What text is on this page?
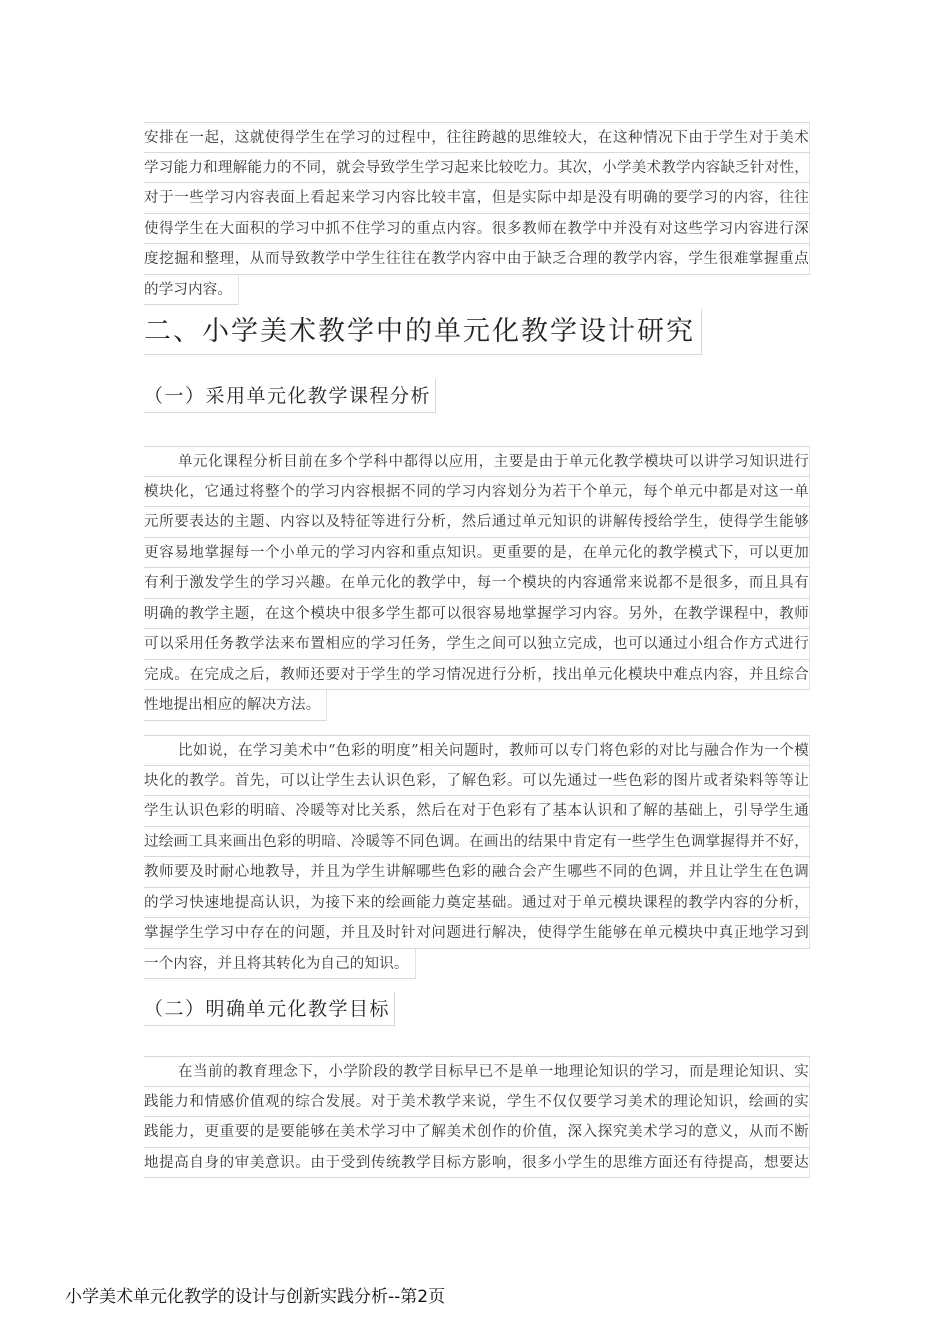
安排在一起，这就使得学生在学习的过程中，往往跨越的思维较大，在这种情况下由于学生对于美术
学习能力和理解能力的不同，就会导致学生学习起来比较吃力。其次，小学美术教学内容缺乏针对性，
对于一些学习内容表面上看起来学习内容比较丰富，但是实际中却是没有明确的要学习的内容，往往
使得学生在大面积的学习中抓不住学习的重点内容。很多教师在教学中并没有对这些学习内容进行深
度挖掘和整理，从而导致教学中学生往往在教学内容中由于缺乏合理的教学内容，学生很难掌握重点
的学习内容。
二、小学美术教学中的单元化教学设计研究
（一）采用单元化教学课程分析
单元化课程分析目前在多个学科中都得以应用，主要是由于单元化教学模块可以讲学习知识进行
模块化，它通过将整个的学习内容根据不同的学习内容划分为若干个单元，每个单元中都是对这一单
元所要表达的主题、内容以及特征等进行分析，然后通过单元知识的讲解传授给学生，使得学生能够
更容易地掌握每一个小单元的学习内容和重点知识。更重要的是，在单元化的教学模式下，可以更加
有利于激发学生的学习兴趣。在单元化的教学中，每一个模块的内容通常来说都不是很多，而且具有
明确的教学主题，在这个模块中很多学生都可以很容易地掌握学习内容。另外，在教学课程中，教师
可以采用任务教学法来布置相应的学习任务，学生之间可以独立完成，也可以通过小组合作方式进行
完成。在完成之后，教师还要对于学生的学习情况进行分析，找出单元化模块中难点内容，并且综合
性地提出相应的解决方法。
比如说，在学习美术中“色彩的明度”相关问题时，教师可以专门将色彩的对比与融合作为一个模
块化的教学。首先，可以让学生去认识色彩，了解色彩。可以先通过一些色彩的图片或者染料等等让
学生认识色彩的明暗、冷暖等对比关系，然后在对于色彩有了基本认识和了解的基础上，引导学生通
过绘画工具来画出色彩的明暗、冷暖等不同色调。在画出的结果中肯定有一些学生色调掌握得并不好，
教师要及时耐心地教导，并且为学生讲解哪些色彩的融合会产生哪些不同的色调，并且让学生在色调
的学习快速地提高认识，为接下来的绘画能力奠定基础。通过对于单元模块课程的教学内容的分析，
掌握学生学习中存在的问题，并且及时针对问题进行解决，使得学生能够在单元模块中真正地学习到
一个内容，并且将其转化为自己的知识。
（二）明确单元化教学目标
在当前的教育理念下，小学阶段的教学目标早已不是单一地理论知识的学习，而是理论知识、实
践能力和情感价值观的综合发展。对于美术教学来说，学生不仅仅要学习美术的理论知识，绘画的实
践能力，更重要的是要能够在美术学习中了解美术创作的价值，深入探究美术学习的意义，从而不断
地提高自身的审美意识。由于受到传统教学目标方影响，很多小学生的思维方面还有待提高，想要达
小学美术单元化教学的设计与创新实践分析--第2页
